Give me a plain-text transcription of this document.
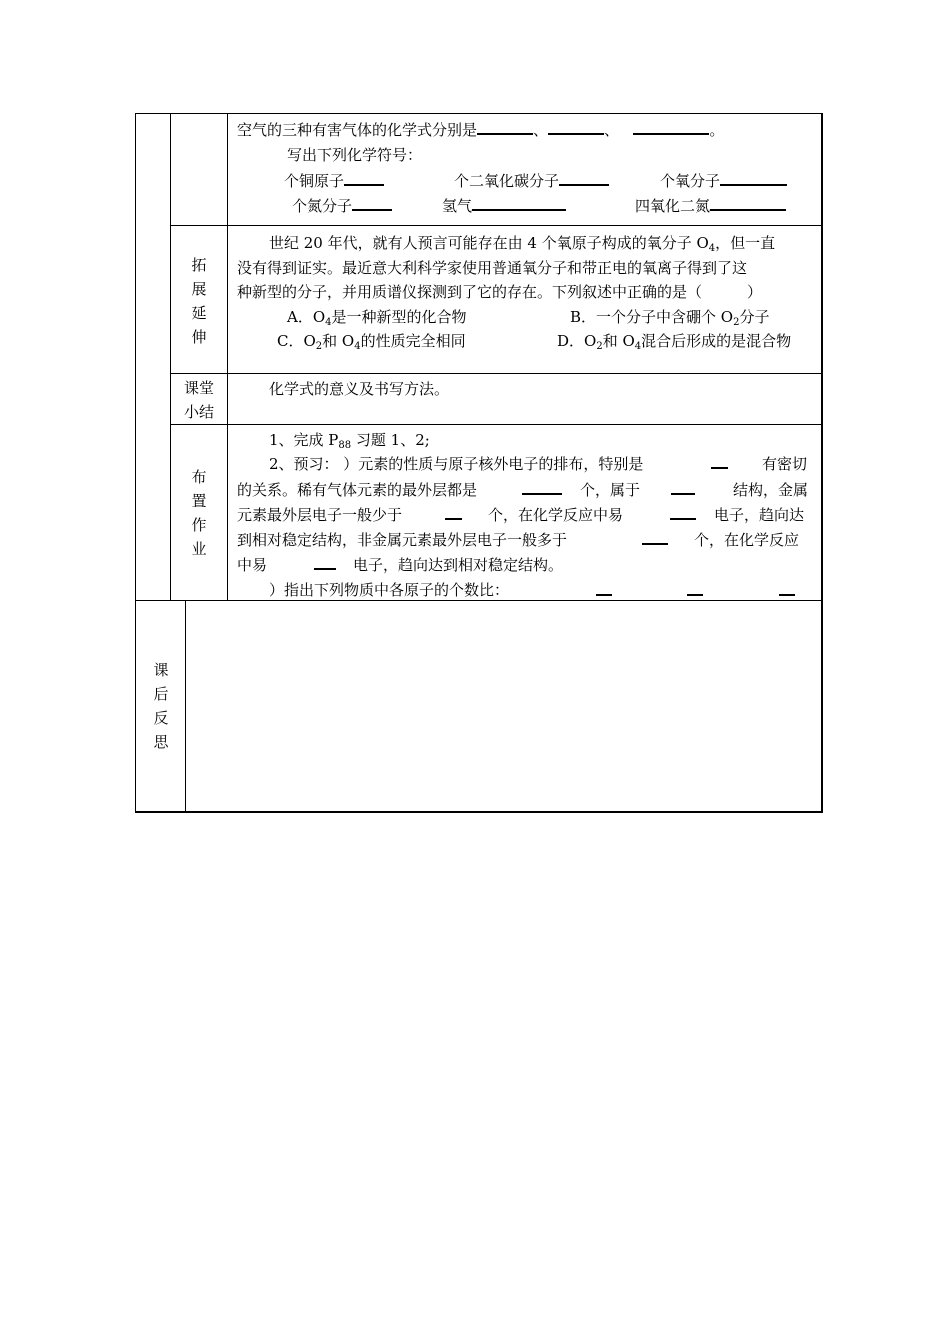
空气的三种有害气体的化学式分别是	、	、	。
写出下列化学符号：
个铜原子	个二氧化碳分子	个氧分子
个氮分子	氢气	四氧化二氮
拓
展
延
伸
世纪 20 年代，就有人预言可能存在由 4 个氧原子构成的氧分子 $O_4$，但一直
没有得到证实。最近意大利科学家使用普通氧分子和带正电的氧离子得到了这
种新型的分子，并用质谱仪探测到了它的存在。下列叙述中正确的是（　　　）
A．$O_4$是一种新型的化合物	B．一个分子中含硼个 $O_2$分子
C．$O_2$和 $O_4$的性质完全相同	D．$O_2$和 $O_4$混合后形成的是混合物
课堂
小结
化学式的意义及书写方法。
布
置
作
业
1、完成 $P_{88}$ 习题 1、2;
2、预习： ）元素的性质与原子核外电子的排布，特别是	有密切
的关系。稀有气体元素的最外层都是	个，属于	结构，金属
元素最外层电子一般少于	个，在化学反应中易	电子，趋向达
到相对稳定结构，非金属元素最外层电子一般多于	个，在化学反应
中易	电子，趋向达到相对稳定结构。
）指出下列物质中各原子的个数比：
课
后
反
思
